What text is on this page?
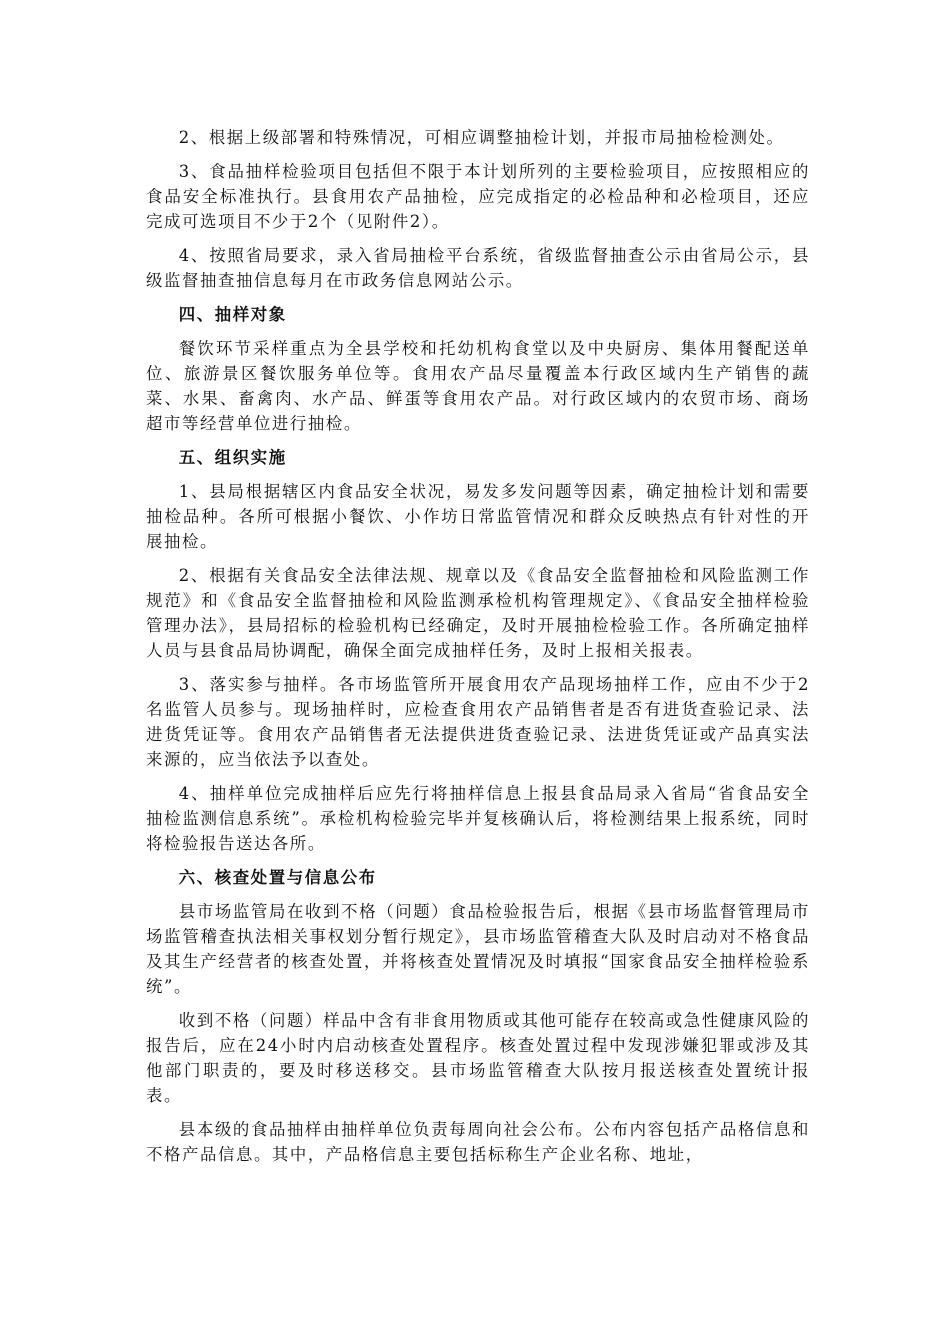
2、根据上级部署和特殊情况，可相应调整抽检计划，并报市局抽检检测处。

3、食品抽样检验项目包括但不限于本计划所列的主要检验项目，应按照相应的食品安全标准执行。县食用农产品抽检，应完成指定的必检品种和必检项目，还应完成可选项目不少于2个（见附件2）。

4、按照省局要求，录入省局抽检平台系统，省级监督抽查公示由省局公示，县级监督抽查抽信息每月在市政务信息网站公示。

四、抽样对象

餐饮环节采样重点为全县学校和托幼机构食堂以及中央厨房、集体用餐配送单位、旅游景区餐饮服务单位等。食用农产品尽量覆盖本行政区域内生产销售的蔬菜、水果、畜禽肉、水产品、鲜蛋等食用农产品。对行政区域内的农贸市场、商场超市等经营单位进行抽检。

五、组织实施

1、县局根据辖区内食品安全状况，易发多发问题等因素，确定抽检计划和需要抽检品种。各所可根据小餐饮、小作坊日常监管情况和群众反映热点有针对性的开展抽检。

2、根据有关食品安全法律法规、规章以及《食品安全监督抽检和风险监测工作规范》和《食品安全监督抽检和风险监测承检机构管理规定》、《食品安全抽样检验管理办法》，县局招标的检验机构已经确定，及时开展抽检检验工作。各所确定抽样人员与县食品局协调配，确保全面完成抽样任务，及时上报相关报表。

3、落实参与抽样。各市场监管所开展食用农产品现场抽样工作，应由不少于2名监管人员参与。现场抽样时，应检查食用农产品销售者是否有进货查验记录、法进货凭证等。食用农产品销售者无法提供进货查验记录、法进货凭证或产品真实法来源的，应当依法予以查处。

4、抽样单位完成抽样后应先行将抽样信息上报县食品局录入省局“省食品安全抽检监测信息系统”。承检机构检验完毕并复核确认后，将检测结果上报系统，同时将检验报告送达各所。

六、核查处置与信息公布

县市场监管局在收到不格（问题）食品检验报告后，根据《县市场监督管理局市场监管稽查执法相关事权划分暂行规定》，县市场监管稽查大队及时启动对不格食品及其生产经营者的核查处置，并将核查处置情况及时填报“国家食品安全抽样检验系统”。

收到不格（问题）样品中含有非食用物质或其他可能存在较高或急性健康风险的报告后，应在24小时内启动核查处置程序。核查处置过程中发现涉嫌犯罪或涉及其他部门职责的，要及时移送移交。县市场监管稽查大队按月报送核查处置统计报表。

县本级的食品抽样由抽样单位负责每周向社会公布。公布内容包括产品格信息和不格产品信息。其中，产品格信息主要包括标称生产企业名称、地址，
